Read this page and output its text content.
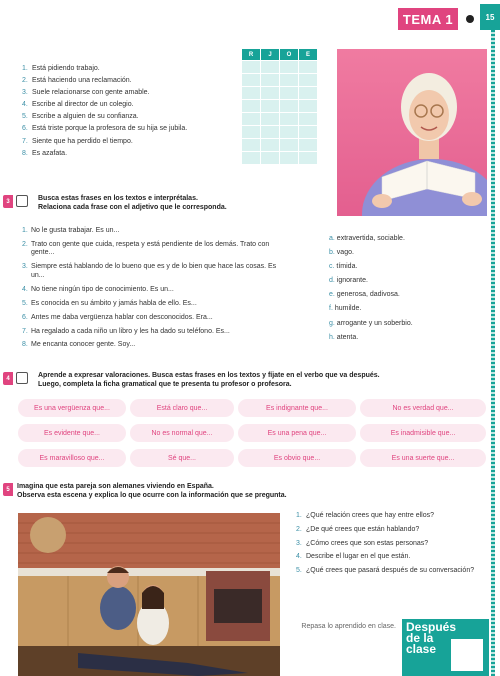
TEMA 1	15
1. Está pidiendo trabajo.
2. Está haciendo una reclamación.
3. Suele relacionarse con gente amable.
4. Escribe al director de un colegio.
5. Escribe a alguien de su confianza.
6. Está triste porque la profesora de su hija se jubila.
7. Siente que ha perdido el tiempo.
8. Es azafata.
R	J	O	E

3	Busca estas frases en los textos e interprétalas.
Relaciona cada frase con el adjetivo que le corresponda.
1. No le gusta trabajar. Es un...
2. Trato con gente que cuida, respeta y está pendiente de los demás. Trato con gente...
3. Siempre está hablando de lo bueno que es y de lo bien que hace las cosas. Es un...
4. No tiene ningún tipo de conocimiento. Es un...
5. Es conocida en su ámbito y jamás habla de ello. Es...
6. Antes me daba vergüenza hablar con desconocidos. Era...
7. Ha regalado a cada niño un libro y les ha dado su teléfono. Es...
8. Me encanta conocer gente. Soy...
a. extravertida, sociable.
b. vago.
c. tímida.
d. ignorante.
e. generosa, dadivosa.
f. humilde.
g. arrogante y un soberbio.
h. atenta.
4	Aprende a expresar valoraciones. Busca estas frases en los textos y fíjate en el verbo que va después.
Luego, completa la ficha gramatical que te presenta tu profesor o profesora.
Es una vergüenza que...	Está claro que...	Es indignante que...	No es verdad que...
Es evidente que...	No es normal que...	Es una pena que...	Es inadmisible que...
Es maravilloso que...	Sé que...	Es obvio que...	Es una suerte que...
5	Imagina que esta pareja son alemanes viviendo en España.
Observa esta escena y explica lo que ocurre con la información que se pregunta.
1. ¿Qué relación crees que hay entre ellos?
2. ¿De qué crees que están hablando?
3. ¿Cómo crees que son estas personas?
4. Describe el lugar en el que están.
5. ¿Qué crees que pasará después de su conversación?
Repasa lo aprendido en clase. Después de la clase
